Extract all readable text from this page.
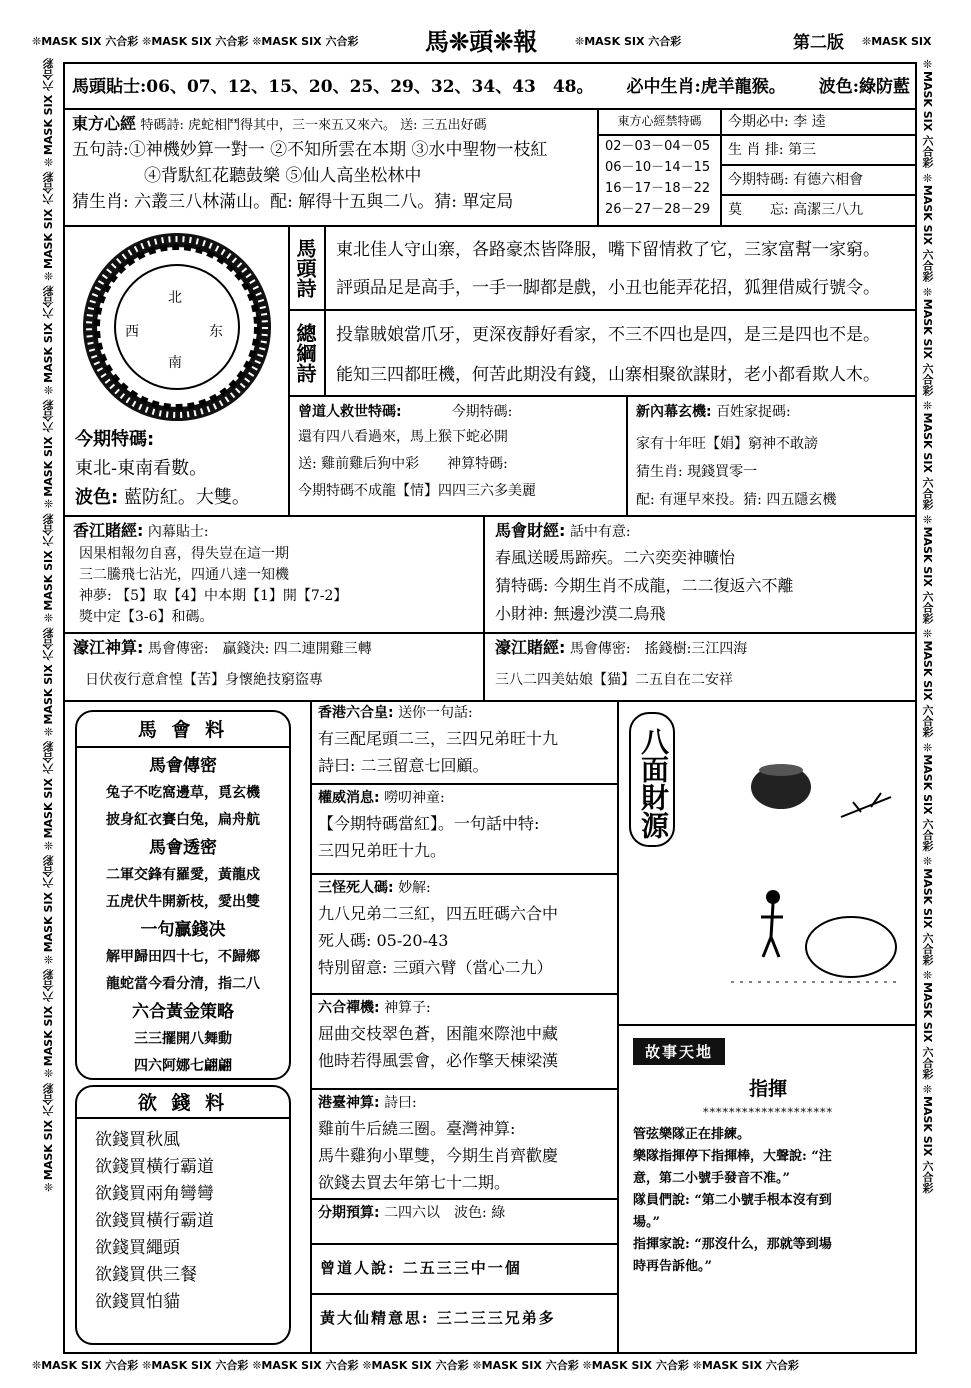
❊MASK SIX 六合彩 ❊MASK SIX 六合彩 ❊MASK SIX 六合彩	馬❊頭❊報	❊MASK SIX 六合彩	第二版 ❊MASK SIX
❊MASK SIX 六合彩 ❊MASK SIX 六合彩 ❊MASK SIX 六合彩 ❊MASK SIX 六合彩 ❊MASK SIX 六合彩 ❊MASK SIX 六合彩 ❊MASK SIX 六合彩
❊MASK SIX 六合彩 ❊MASK SIX 六合彩 ❊MASK SIX 六合彩 ❊MASK SIX 六合彩 ❊MASK SIX 六合彩 ❊MASK SIX 六合彩 ❊MASK SIX 六合彩 ❊MASK SIX 六合彩 ❊MASK SIX 六合彩 ❊MASK SIX 六合彩	❊MASK SIX 六合彩 ❊MASK SIX 六合彩 ❊MASK SIX 六合彩 ❊MASK SIX 六合彩 ❊MASK SIX 六合彩 ❊MASK SIX 六合彩 ❊MASK SIX 六合彩 ❊MASK SIX 六合彩 ❊MASK SIX 六合彩 ❊MASK SIX 六合彩
馬頭貼士:06、07、12、15、20、25、29、32、34、43　48。 必中生肖:虎羊龍猴。 波色:綠防藍
東方心經 特碼詩: 虎蛇相鬥得其中，三一來五又來六。 送: 三五出好碼
五句詩:①神機妙算一對一 ②不知所雲在本期 ③水中聖物一枝紅
④背馱紅花聽鼓樂 ⑤仙人高坐松林中
猜生肖: 六叢三八林滿山。配: 解得十五與二八。猜: 單定局
東方心經禁特碼
02－03－04－05
06－10－14－15
16－17－18－22
26－27－28－29
今期必中: 李 逵
生 肖 排: 第三
今期特碼: 有德六相會
莫　　忘: 高潔三八九
北
西	东
南
今期特碼:
東北-東南看數。
波色: 藍防紅。大雙。
馬頭詩	東北佳人守山寨，各路豪杰皆降服，嘴下留情救了它，三家富幫一家窮。
評頭品足是高手，一手一脚都是戲，小丑也能弄花招，狐狸借威行號令。
總綱詩	投靠賊娘當爪牙，更深夜靜好看家，不三不四也是四，是三是四也不是。
能知三四都旺機，何苦此期没有錢，山寨相聚欲謀財，老小都看欺人木。
曾道人救世特碼:	今期特碼:
還有四八看過來，馬上猴下蛇必開
送: 雞前雞后狗中彩　　神算特碼:
今期特碼不成龍【情】四四三六多美麗
新內幕玄機: 百姓家捉碼:
家有十年旺【娟】窮神不敢謗
猜生肖: 現錢買零一
配: 有運早來投。猜: 四五隱玄機
香江賭經: 內幕貼士:
因果相報勿自喜，得失豈在這一期
三二騰飛七沾光，四通八達一知機
神夢: 【5】取【4】中本期【1】開【7-2】
獎中定【3-6】和碼。
馬會財經: 話中有意:
春風送暖馬蹄疾。二六奕奕神曠怡
猜特碼: 今期生肖不成龍，二二復返六不離
小財神: 無邊沙漠二鳥飛
濠江神算: 馬會傳密:　贏錢決: 四二連開雞三轉
日伏夜行意倉惶【苦】身懷絶技窮盜專
濠江賭經: 馬會傳密:　搖錢樹:三江四海
三八二四美姑娘【猫】二五自在二安祥
馬 會 料
馬會傳密
兔子不吃窩邊草，覓玄機
披身紅衣賽白兔，扁舟航
馬會透密
二軍交鋒有羅愛，黃龍戍
五虎伏牛開新枝，愛出雙
一句贏錢决
解甲歸田四十七，不歸鄉
龍蛇當今看分清，指二八
六合黃金策略
三三擺開八舞動
四六阿娜七翩翩
欲 錢 料
欲錢買秋風
欲錢買橫行霸道
欲錢買兩角彎彎
欲錢買橫行霸道
欲錢買繩頭
欲錢買供三餐
欲錢買怕貓
香港六合皇: 送你一句話:
有三配尾頭二三，三四兄弟旺十九
詩曰: 二三留意七回顧。
權威消息: 嘮叨神童:
【今期特碼當紅】。一句話中特:
三四兄弟旺十九。
三怪死人碼: 妙解:
九八兄弟二三紅，四五旺碼六合中
死人碼: 05-20-43
特別留意: 三頭六臂（當心二九）
六合禪機: 神算子:
屈曲交枝翠色蒼，困龍來際池中藏
他時若得風雲會，必作擎天棟梁漢
港臺神算: 詩曰:
雞前牛后繞三圈。臺灣神算:
馬牛雞狗小單雙，今期生肖齊歡慶
欲錢去買去年第七十二期。
分期預算: 二四六以　波色: 綠
曾道人說: 二五三三中一個
黃大仙精意思: 三二三三兄弟多
八面財源
故事天地
指揮
********************
管弦樂隊正在排練。
樂隊指揮停下指揮棒，大聲說: “注
意，第二小號手發音不准。”
隊員們說: “第二小號手根本沒有到
場。”
指揮家說: “那沒什么，那就等到場
時再告訴他。”
